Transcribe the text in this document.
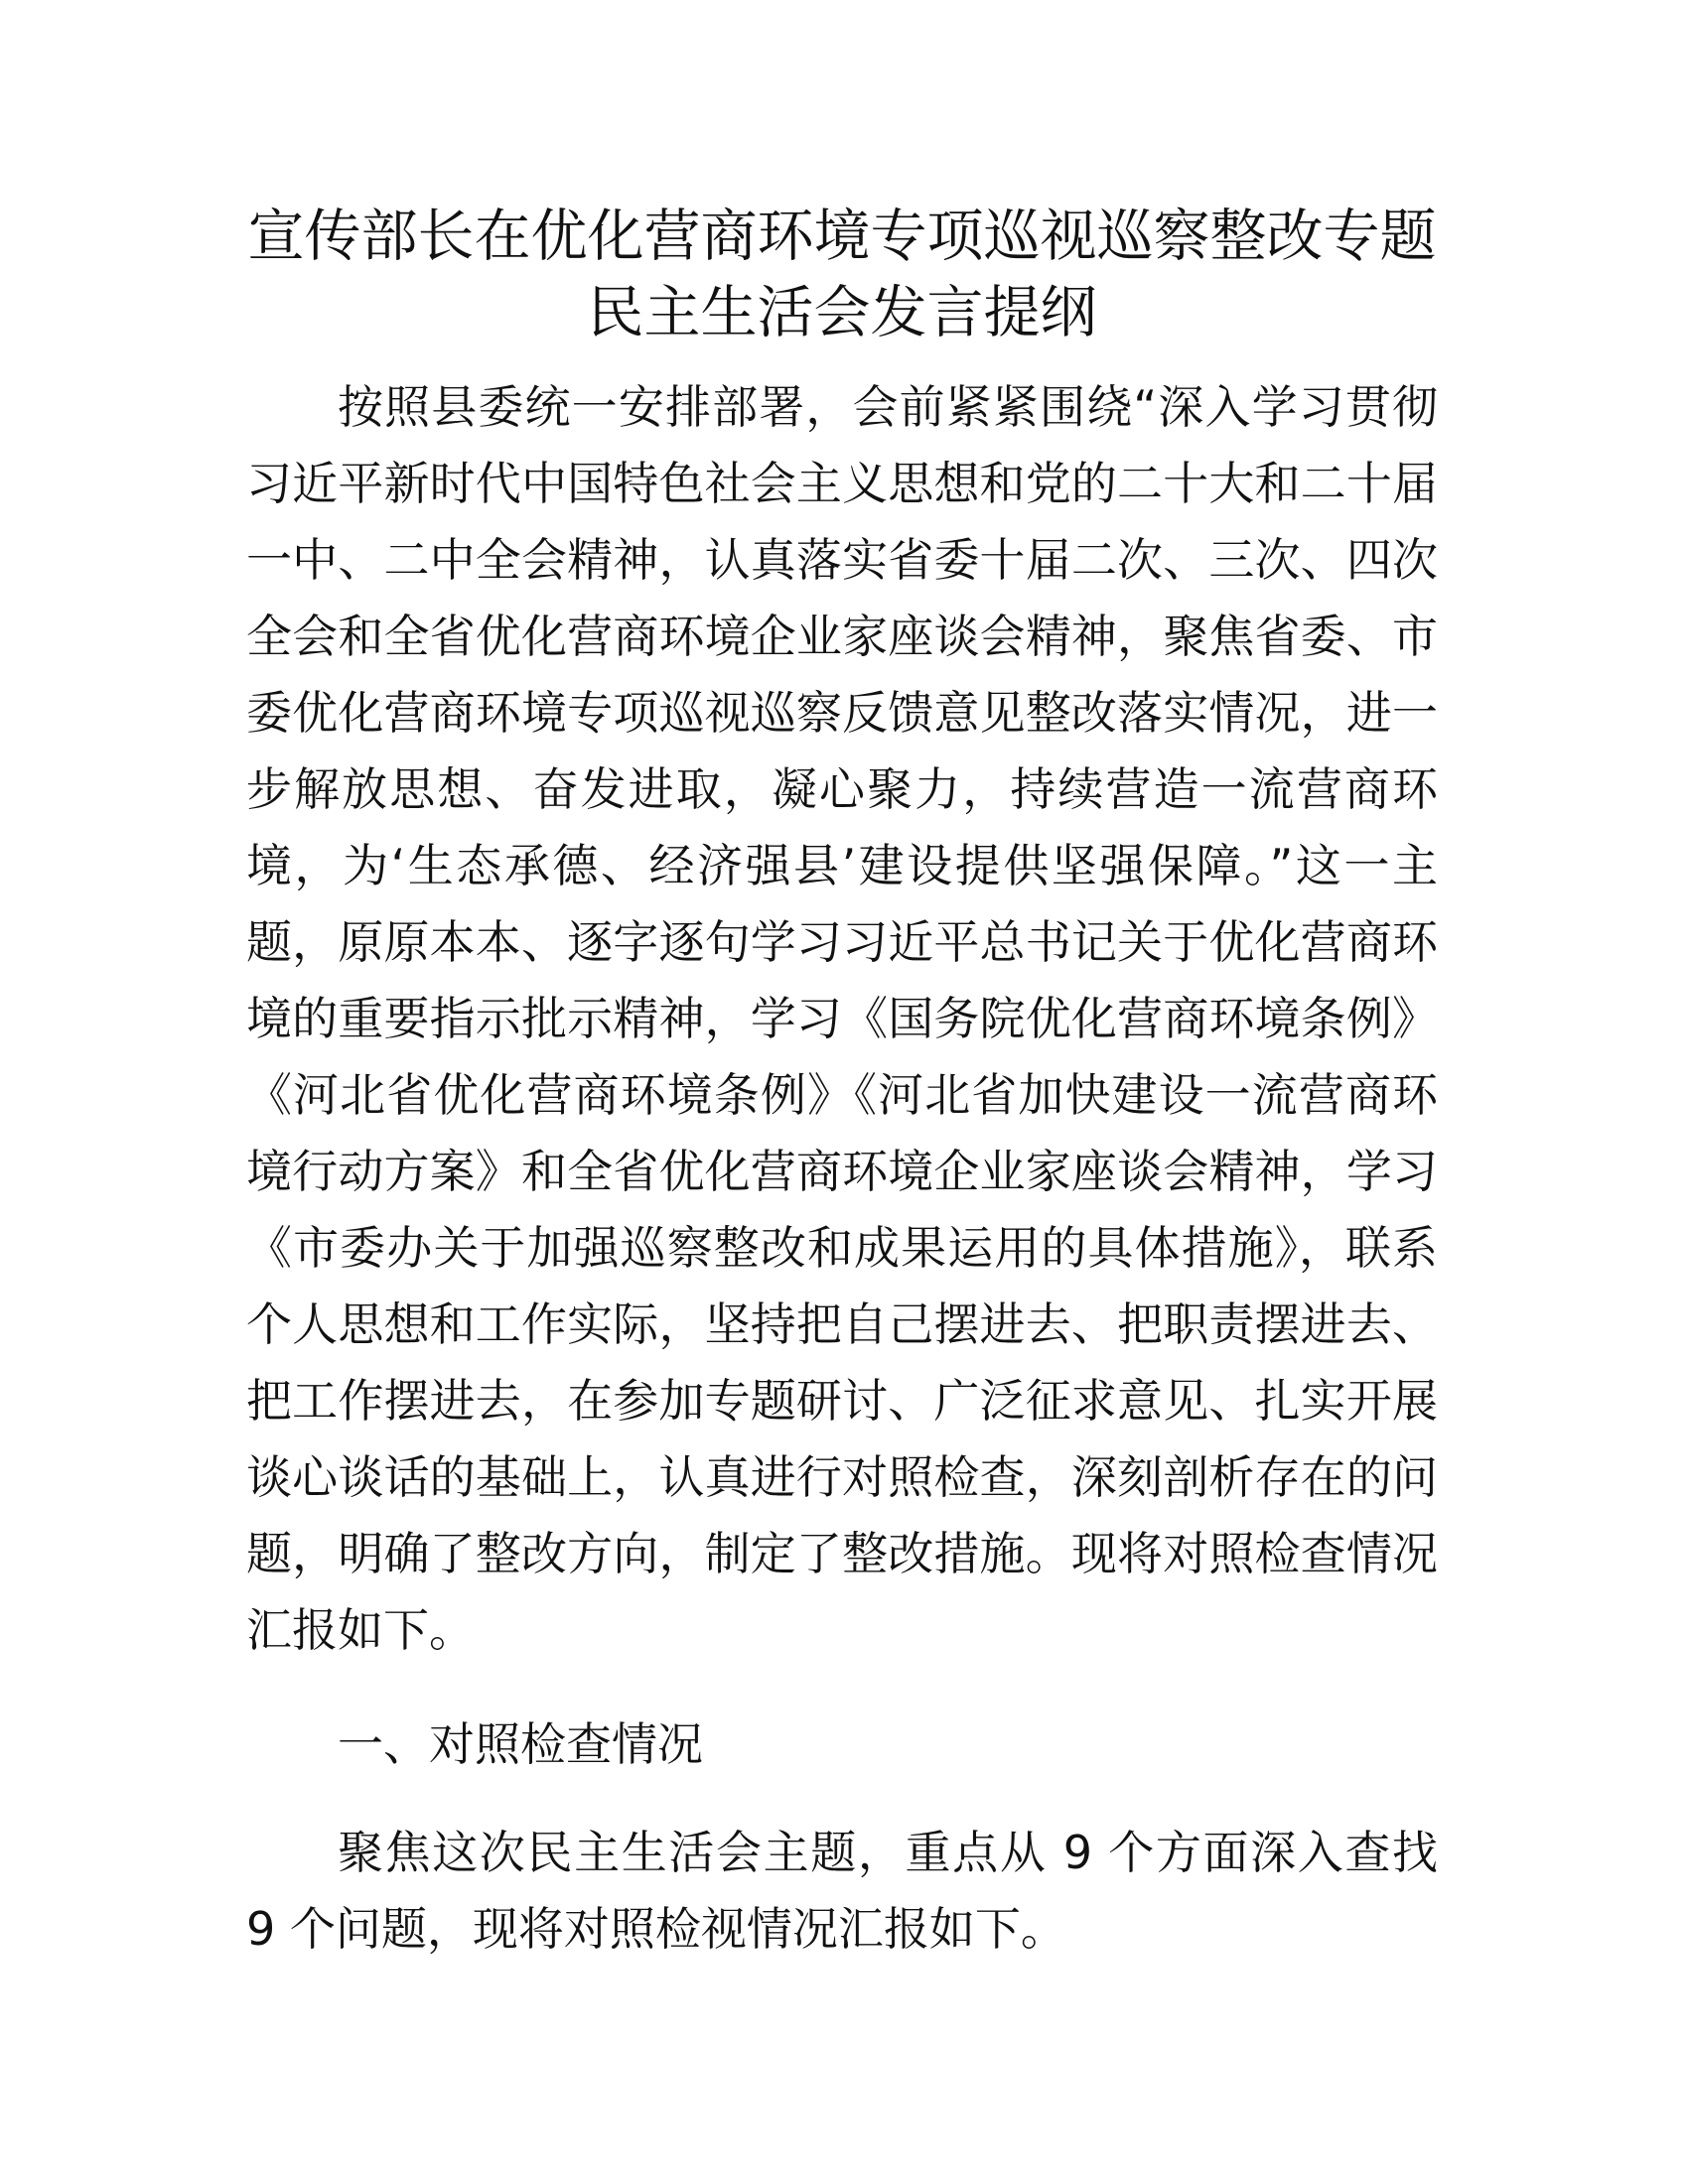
宣传部长在优化营商环境专项巡视巡察整改专题民主生活会发言提纲

按照县委统一安排部署，会前紧紧围绕“深入学习贯彻习近平新时代中国特色社会主义思想和党的二十大和二十届一中、二中全会精神，认真落实省委十届二次、三次、四次全会和全省优化营商环境企业家座谈会精神，聚焦省委、市委优化营商环境专项巡视巡察反馈意见整改落实情况，进一步解放思想、奋发进取，凝心聚力，持续营造一流营商环境，为‘生态承德、经济强县’建设提供坚强保障。”这一主题，原原本本、逐字逐句学习习近平总书记关于优化营商环境的重要指示批示精神，学习《国务院优化营商环境条例》《河北省优化营商环境条例》《河北省加快建设一流营商环境行动方案》和全省优化营商环境企业家座谈会精神，学习《市委办关于加强巡察整改和成果运用的具体措施》，联系个人思想和工作实际，坚持把自己摆进去、把职责摆进去、把工作摆进去，在参加专题研讨、广泛征求意见、扎实开展谈心谈话的基础上，认真进行对照检查，深刻剖析存在的问题，明确了整改方向，制定了整改措施。现将对照检查情况汇报如下。

一、对照检查情况

聚焦这次民主生活会主题，重点从 9 个方面深入查找 9 个问题，现将对照检视情况汇报如下。
